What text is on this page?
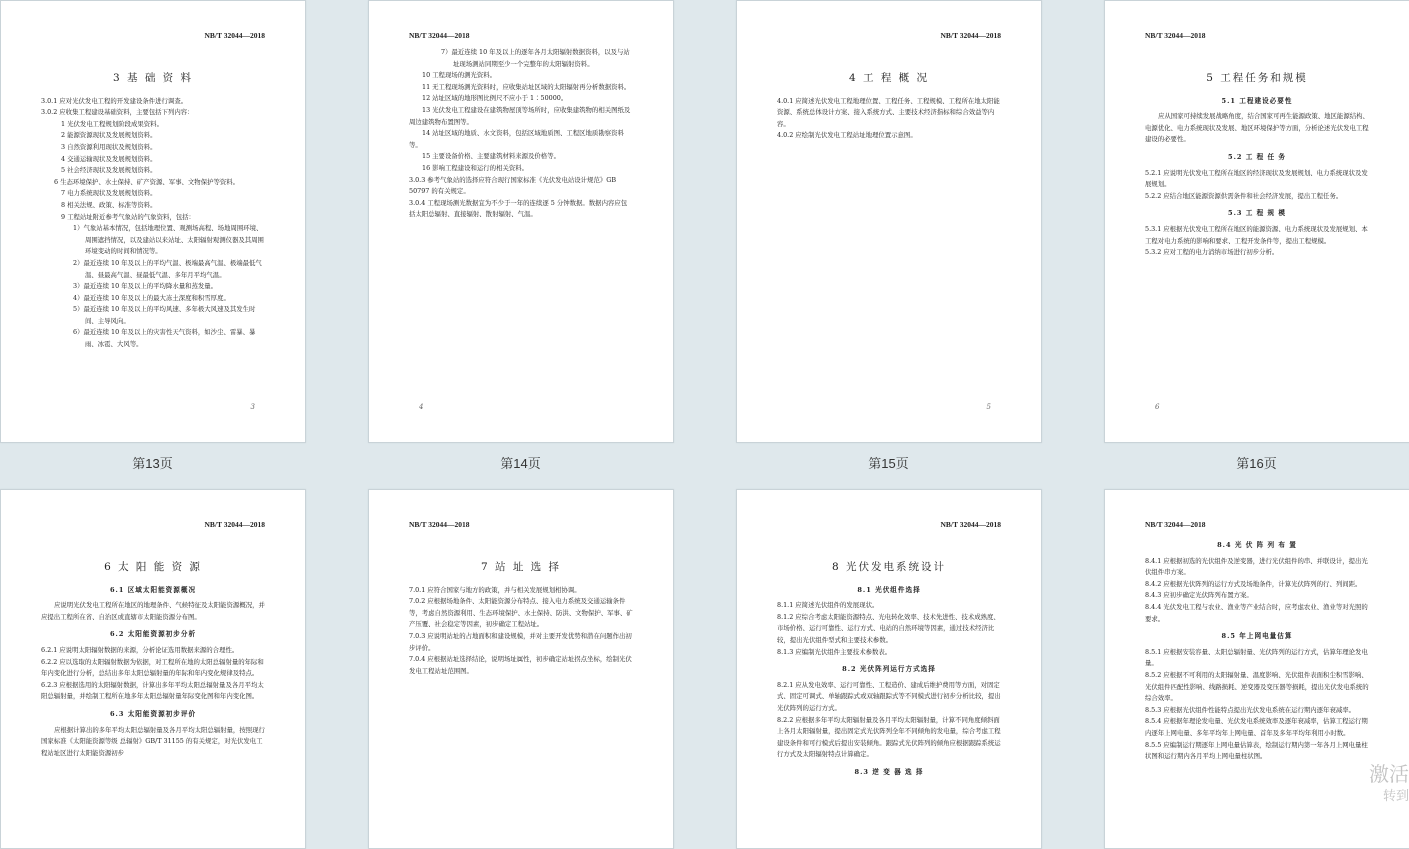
NB/T 32044—2018
3 基 础 资 料

3.0.1 应对光伏发电工程的开发建设条件进行调查。

3.0.2 应收集工程建设基础资料，主要包括下列内容：

1 光伏发电工程规划阶段成果资料。

2 能源资源现状及发展规划资料。

3 自然资源利用现状及规划资料。

4 交通运输现状及发展规划资料。

5 社会经济现状及发展规划资料。

6 生态环境保护、水土保持、矿产资源、军事、文物保护等资料。

7 电力系统现状及发展规划资料。

8 相关法规、政策、标准等资料。

9 工程站址附近参考气象站的气象资料，包括：

1）气象站基本情况，包括地理位置、观测场高程、场地周围环境、周围遮挡情况，以及建站以来站址、太阳辐射观测仪器及其周围环境变动的时间和情况等。

2）最近连续 10 年及以上的平均气温、极端最高气温、极端最低气温、昼最高气温、昼最低气温、多年月平均气温。

3）最近连续 10 年及以上的平均降水量和蒸发量。

4）最近连续 10 年及以上的最大冻土深度和积雪厚度。

5）最近连续 10 年及以上的平均风速、多年极大风速及其发生时间、主导风向。

6）最近连续 10 年及以上的灾害性天气资料，如沙尘、雷暴、暴雨、冰雹、大风等。

3
NB/T 32044—2018

7）最近连续 10 年及以上的逐年各月太阳辐射数据资料，以及与站址现场测站同期至少一个完整年的太阳辐射资料。

10 工程现场的测光资料。

11 无工程现场测光资料时，应收集站址区域的太阳辐射再分析数据资料。

12 站址区域的地形图比例尺不应小于 1∶50000。

13 光伏发电工程建设在建筑物屋顶等场所时，应收集建筑物的相关图纸及周边建筑物布置图等。

14 站址区域的地质、水文资料，包括区域地质图、工程区地质勘察资料等。

15 主要设备价格、主要建筑材料来源及价格等。

16 影响工程建设和运行的相关资料。

3.0.3 参考气象站的选择应符合现行国家标准《光伏发电站设计规范》GB 50797 的有关规定。

3.0.4 工程现场测光数据宜为不少于一年的连续逐 5 分钟数据。数据内容应包括太阳总辐射、直接辐射、散射辐射、气温。

4
NB/T 32044—2018
4 工 程 概 况

4.0.1 应简述光伏发电工程地理位置、工程任务、工程规模、工程所在地太阳能资源、系统总体设计方案、接入系统方式、主要技术经济指标和综合效益等内容。

4.0.2 应绘制光伏发电工程站址地理位置示意图。

5
NB/T 32044—2018
5 工程任务和规模
5.1 工程建设必要性

应从国家可持续发展战略角度，结合国家可再生能源政策、地区能源结构、电源优化、电力系统现状及发展、地区环境保护等方面，分析论述光伏发电工程建设的必要性。

5.2 工 程 任 务

5.2.1 应说明光伏发电工程所在地区的经济现状及发展规划、电力系统现状及发展规划。

5.2.2 应结合地区能源资源供需条件和社会经济发展，提出工程任务。

5.3 工 程 规 模

5.3.1 应根据光伏发电工程所在地区的能源资源、电力系统现状及发展规划、本工程对电力系统的影响和要求、工程开发条件等，提出工程规模。

5.3.2 应对工程的电力消纳市场进行初步分析。

6
第13页	第14页	第15页	第16页
NB/T 32044—2018
6 太 阳 能 资 源
6.1 区域太阳能资源概况

应说明光伏发电工程所在地区的地理条件、气候特征及太阳能资源概况，并应提出工程所在省、自治区或直辖市太阳能资源分布图。

6.2 太阳能资源初步分析

6.2.1 应说明太阳辐射数据的来源，分析论证选用数据来源的合理性。

6.2.2 应以选取的太阳辐射数据为依据，对工程所在地的太阳总辐射量的年际和年内变化进行分析，总结出多年太阳总辐射量的年际和年内变化规律及特点。

6.2.3 应根据选用的太阳辐射数据，计算出多年平均太阳总辐射量及各月平均太阳总辐射量，并绘制工程所在地多年太阳总辐射量年际变化图和年内变化图。

6.3 太阳能资源初步评价

应根据计算出的多年平均太阳总辐射量及各月平均太阳总辐射量，按照现行国家标准《太阳能资源等级 总辐射》GB/T 31155 的有关规定，对光伏发电工程站址区进行太阳能资源初步

NB/T 32044—2018
7 站 址 选 择

7.0.1 应符合国家与地方的政策，并与相关发展规划相协调。

7.0.2 应根据场地条件、太阳能资源分布特点、接入电力系统及交通运输条件等，考虑自然资源利用、生态环境保护、水土保持、防洪、文物保护、军事、矿产压覆、社会稳定等因素，初步确定工程站址。

7.0.3 应说明站址的占地面积和建设规模，并对主要开发优势和潜在问题作出初步评价。

7.0.4 应根据站址选择结论，说明场址属性，初步确定站址拐点坐标，绘制光伏发电工程站址范围图。

NB/T 32044—2018
8 光伏发电系统设计
8.1 光伏组件选择

8.1.1 应简述光伏组件的发展现状。

8.1.2 应综合考虑太阳能资源特点、光电转化效率、技术先进性、技术成熟度、市场价格、运行可靠性、运行方式、电站的自然环境等因素，通过技术经济比较，提出光伏组件型式和主要技术参数。

8.1.3 应编制光伏组件主要技术参数表。

8.2 光伏阵列运行方式选择

8.2.1 应从发电效率、运行可靠性、工程造价、建成后维护费用等方面，对固定式、固定可调式、单轴跟踪式或双轴跟踪式等不同模式进行初步分析比较，提出光伏阵列的运行方式。

8.2.2 应根据多年平均太阳辐射量及各月平均太阳辐射量，计算不同角度倾斜面上各月太阳辐射量，提出固定式光伏阵列全年不同倾角的发电量，综合考虑工程建设条件和可行模式后提出安装倾角。跟踪式光伏阵列的倾角应根据跟踪系统运行方式及太阳辐射特点计算确定。

8.3 逆 变 器 选 择
NB/T 32044—2018
8.4 光 伏 阵 列 布 置

8.4.1 应根据初选的光伏组件及逆变器，进行光伏组件的串、并联设计，提出光伏组件串方案。

8.4.2 应根据光伏阵列的运行方式及场地条件，计算光伏阵列的行、列间距。

8.4.3 应初步确定光伏阵列布置方案。

8.4.4 光伏发电工程与农业、渔业等产业结合时，应考虑农业、渔业等对光照的要求。

8.5 年上网电量估算

8.5.1 应根据安装容量、太阳总辐射量、光伏阵列的运行方式，估算年理论发电量。

8.5.2 应根据不可利用的太阳辐射量、温度影响、光伏组件表面积尘积雪影响、光伏组件匹配性影响、线路损耗、逆变器及变压器等损耗，提出光伏发电系统的综合效率。

8.5.3 应根据光伏组件性能特点提出光伏发电系统在运行期内逐年衰减率。

8.5.4 应根据年理论发电量、光伏发电系统效率及逐年衰减率，估算工程运行期内逐年上网电量、多年平均年上网电量、首年及多年平均年利用小时数。

8.5.5 应编制运行期逐年上网电量估算表，绘制运行期内第一年各月上网电量柱状图和运行期内各月平均上网电量柱状图。

激活
转到
